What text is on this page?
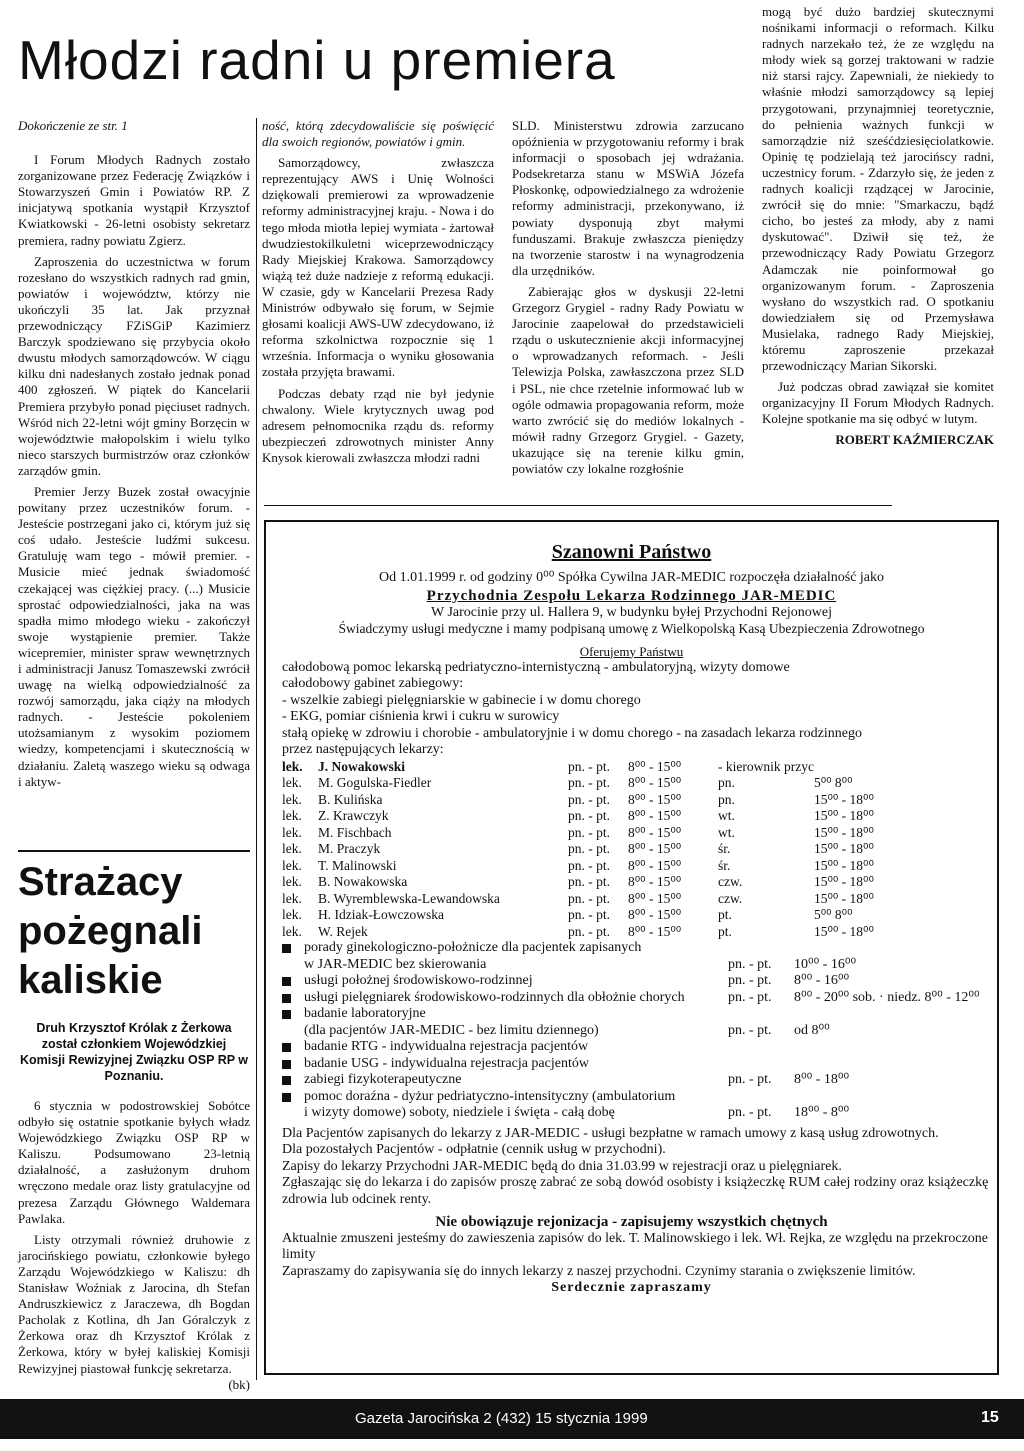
Młodzi radni u premiera

Dokończenie ze str. 1

I Forum Młodych Radnych zostało zorganizowane przez Federację Związków i Stowarzyszeń Gmin i Powiatów RP. Z inicjatywą spotkania wystąpił Krzysztof Kwiatkowski - 26-letni osobisty sekretarz premiera, radny powiatu Zgierz.

Zaproszenia do uczestnictwa w forum rozesłano do wszystkich radnych rad gmin, powiatów i województw, którzy nie ukończyli 35 lat. Jak przyznał przewodniczący FZiSGiP Kazimierz Barczyk spodziewano się przybycia około dwustu młodych samorządowców. W ciągu kilku dni nadesłanych zostało jednak ponad 400 zgłoszeń. W piątek do Kancelarii Premiera przybyło ponad pięciuset radnych. Wśród nich 22-letni wójt gminy Borzęcin w województwie małopolskim i wielu tylko nieco starszych burmistrzów oraz członków zarządów gmin.

Premier Jerzy Buzek został owacyjnie powitany przez uczestników forum. - Jesteście postrzegani jako ci, którym już się coś udało. Jesteście ludźmi sukcesu. Gratuluję wam tego - mówił premier. - Musicie mieć jednak świadomość czekającej was ciężkiej pracy. (...) Musicie sprostać odpowiedzialności, jaka na was spadła mimo młodego wieku - zakończył swoje wystąpienie premier. Także wicepremier, minister spraw wewnętrznych i administracji Janusz Tomaszewski zwrócił uwagę na wielką odpowiedzialność za rozwój samorządu, jaka ciąży na młodych radnych. - Jesteście pokoleniem utożsamianym z wysokim poziomem wiedzy, kompetencjami i skutecznością w działaniu. Zaletą waszego wieku są odwaga i aktyw-

Strażacy pożegnali kaliskie

Druh Krzysztof Królak z Żerkowa został członkiem Wojewódzkiej Komisji Rewizyjnej Związku OSP RP w Poznaniu.

6 stycznia w podostrowskiej Sobótce odbyło się ostatnie spotkanie byłych władz Wojewódzkiego Związku OSP RP w Kaliszu. Podsumowano 23-letnią działalność, a zasłużonym druhom wręczono medale oraz listy gratulacyjne od prezesa Zarządu Głównego Waldemara Pawlaka.

Listy otrzymali również druhowie z jarocińskiego powiatu, członkowie byłego Zarządu Wojewódzkiego w Kaliszu: dh Stanisław Woźniak z Jarocina, dh Stefan Andruszkiewicz z Jaraczewa, dh Bogdan Pacholak z Kotlina, dh Jan Góralczyk z Żerkowa oraz dh Krzysztof Królak z Żerkowa, który w byłej kaliskiej Komisji Rewizyjnej piastował funkcję sekretarza.

(bk)

ność, którą zdecydowaliście się poświęcić dla swoich regionów, powiatów i gmin.

Samorządowcy, zwłaszcza reprezentujący AWS i Unię Wolności dziękowali premierowi za wprowadzenie reformy administracyjnej kraju. - Nowa i do tego młoda miotła lepiej wymiata - żartował dwudziestokilkuletni wiceprzewodniczący Rady Miejskiej Krakowa. Samorządowcy wiążą też duże nadzieje z reformą edukacji. W czasie, gdy w Kancelarii Prezesa Rady Ministrów odbywało się forum, w Sejmie głosami koalicji AWS-UW zdecydowano, iż reforma szkolnictwa rozpocznie się 1 września. Informacja o wyniku głosowania została przyjęta brawami.

Podczas debaty rząd nie był jedynie chwalony. Wiele krytycznych uwag pod adresem pełnomocnika rządu ds. reformy ubezpieczeń zdrowotnych minister Anny Knysok kierowali zwłaszcza młodzi radni

SLD. Ministerstwu zdrowia zarzucano opóźnienia w przygotowaniu reformy i brak informacji o sposobach jej wdrażania. Podsekretarza stanu w MSWiA Józefa Płoskonkę, odpowiedzialnego za wdrożenie reformy administracji, przekonywano, iż powiaty dysponują zbyt małymi funduszami. Brakuje zwłaszcza pieniędzy na tworzenie starostw i na wynagrodzenia dla urzędników.

Zabierając głos w dyskusji 22-letni Grzegorz Grygiel - radny Rady Powiatu w Jarocinie zaapelował do przedstawicieli rządu o uskutecznienie akcji informacyjnej o wprowadzanych reformach. - Jeśli Telewizja Polska, zawłaszczona przez SLD i PSL, nie chce rzetelnie informować lub w ogóle odmawia propagowania reform, może warto zwrócić się do mediów lokalnych - mówił radny Grzegorz Grygiel. - Gazety, ukazujące się na terenie kilku gmin, powiatów czy lokalne rozgłośnie

mogą być dużo bardziej skutecznymi nośnikami informacji o reformach. Kilku radnych narzekało też, że ze względu na młody wiek są gorzej traktowani w radzie niż starsi rajcy. Zapewniali, że niekiedy to właśnie młodzi samorządowcy są lepiej przygotowani, przynajmniej teoretycznie, do pełnienia ważnych funkcji w samorządzie niż sześćdziesięciolatkowie. Opinię tę podzielają też jarocińscy radni, uczestnicy forum. - Zdarzyło się, że jeden z radnych koalicji rządzącej w Jarocinie, zwrócił się do mnie: "Smarkaczu, bądź cicho, bo jesteś za młody, aby z nami dyskutować". Dziwił się też, że przewodniczący Rady Powiatu Grzegorz Adamczak nie poinformował go organizowanym forum. - Zaproszenia wysłano do wszystkich rad. O spotkaniu dowiedziałem się od Przemysława Musielaka, radnego Rady Miejskiej, któremu zaproszenie przekazał przewodniczący Marian Sikorski.

Już podczas obrad zawiązał sie komitet organizacyjny II Forum Młodych Radnych. Kolejne spotkanie ma się odbyć w lutym.

ROBERT KAŹMIERCZAK
Szanowni Państwo
Od 1.01.1999 r. od godziny 0⁰⁰ Spółka Cywilna JAR-MEDIC rozpoczęła działalność jako
Przychodnia Zespołu Lekarza Rodzinnego JAR-MEDIC
W Jarocinie przy ul. Hallera 9, w budynku byłej Przychodni Rejonowej
Świadczymy usługi medyczne i mamy podpisaną umowę z Wielkopolską Kasą Ubezpieczenia Zdrowotnego
Oferujemy Państwu
całodobową pomoc lekarską pedriatyczno-internistyczną - ambulatoryjną, wizyty domowe
całodobowy gabinet zabiegowy:
- wszelkie zabiegi pielęgniarskie w gabinecie i w domu chorego
- EKG, pomiar ciśnienia krwi i cukru w surowicy
stałą opiekę w zdrowiu i chorobie - ambulatoryjnie i w domu chorego - na zasadach lekarza rodzinnego
przez następujących lekarzy:
lek.	J. Nowakowski	pn. - pt.	8⁰⁰ - 15⁰⁰	- kierownik przyc	
lek.	M. Gogulska-Fiedler	pn. - pt.	8⁰⁰ - 15⁰⁰	pn.	5⁰⁰ 8⁰⁰
lek.	B. Kulińska	pn. - pt.	8⁰⁰ - 15⁰⁰	pn.	15⁰⁰ - 18⁰⁰
lek.	Z. Krawczyk	pn. - pt.	8⁰⁰ - 15⁰⁰	wt.	15⁰⁰ - 18⁰⁰
lek.	M. Fischbach	pn. - pt.	8⁰⁰ - 15⁰⁰	wt.	15⁰⁰ - 18⁰⁰
lek.	M. Praczyk	pn. - pt.	8⁰⁰ - 15⁰⁰	śr.	15⁰⁰ - 18⁰⁰
lek.	T. Malinowski	pn. - pt.	8⁰⁰ - 15⁰⁰	śr.	15⁰⁰ - 18⁰⁰
lek.	B. Nowakowska	pn. - pt.	8⁰⁰ - 15⁰⁰	czw.	15⁰⁰ - 18⁰⁰
lek.	B. Wyremblewska-Lewandowska	pn. - pt.	8⁰⁰ - 15⁰⁰	czw.	15⁰⁰ - 18⁰⁰
lek.	H. Idziak-Łowczowska	pn. - pt.	8⁰⁰ - 15⁰⁰	pt.	5⁰⁰ 8⁰⁰
lek.	W. Rejek	pn. - pt.	8⁰⁰ - 15⁰⁰	pt.	15⁰⁰ - 18⁰⁰
porady ginekologiczno-położnicze dla pacjentek zapisanych
w JAR-MEDIC bez skierowania	pn. - pt.	10⁰⁰ - 16⁰⁰
usługi położnej środowiskowo-rodzinnej	pn. - pt.	8⁰⁰ - 16⁰⁰
usługi pielęgniarek środowiskowo-rodzinnych dla obłożnie chorych	pn. - pt.	8⁰⁰ - 20⁰⁰ sob. · niedz. 8⁰⁰ - 12⁰⁰
badanie laboratoryjne
(dla pacjentów JAR-MEDIC - bez limitu dziennego)	pn. - pt.	od 8⁰⁰
badanie RTG - indywidualna rejestracja pacjentów
badanie USG - indywidualna rejestracja pacjentów
zabiegi fizykoterapeutyczne	pn. - pt.	8⁰⁰ - 18⁰⁰
pomoc doraźna - dyżur pedriatyczno-intensityczny (ambulatorium
i wizyty domowe) soboty, niedziele i święta - całą dobę	pn. - pt.	18⁰⁰ - 8⁰⁰
Dla Pacjentów zapisanych do lekarzy z JAR-MEDIC - usługi bezpłatne w ramach umowy z kasą usług zdrowotnych.
Dla pozostałych Pacjentów - odpłatnie (cennik usług w przychodni).
Zapisy do lekarzy Przychodni JAR-MEDIC będą do dnia 31.03.99 w rejestracji oraz u pielęgniarek.
Zgłaszając się do lekarza i do zapisów proszę zabrać ze sobą dowód osobisty i książeczkę RUM całej rodziny oraz książeczkę zdrowia lub odcinek renty.
Nie obowiązuje rejonizacja - zapisujemy wszystkich chętnych
Aktualnie zmuszeni jesteśmy do zawieszenia zapisów do lek. T. Malinowskiego i lek. Wł. Rejka, ze względu na przekroczone limity
Zapraszamy do zapisywania się do innych lekarzy z naszej przychodni. Czynimy starania o zwiększenie limitów.
Serdecznie zapraszamy
Gazeta Jarocińska 2 (432) 15 stycznia 1999	15
